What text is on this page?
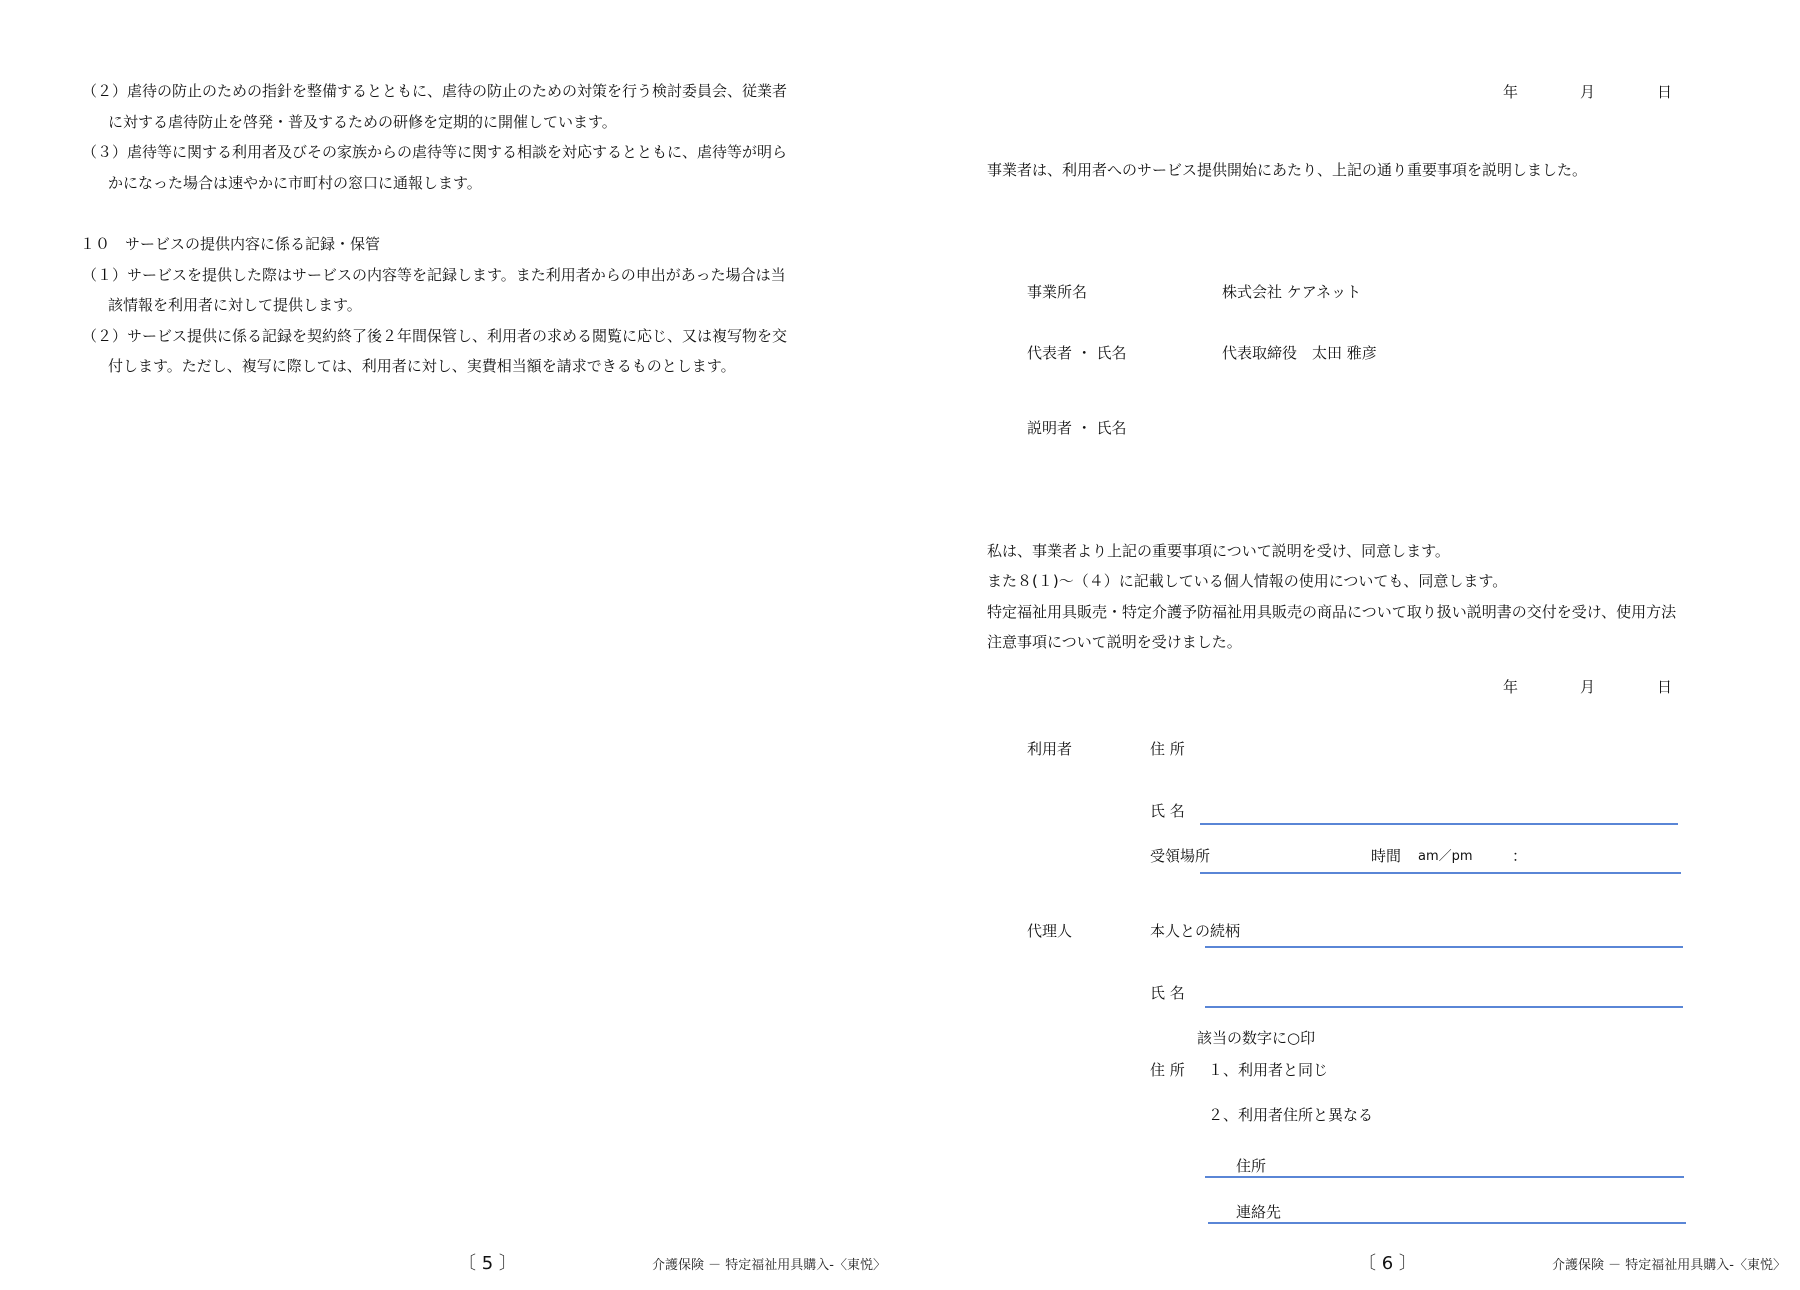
（２）虐待の防止のための指針を整備するとともに、虐待の防止のための対策を行う検討委員会、従業者
に対する虐待防止を啓発・普及するための研修を定期的に開催しています。
（３）虐待等に関する利用者及びその家族からの虐待等に関する相談を対応するとともに、虐待等が明ら
かになった場合は速やかに市町村の窓口に通報します。
１０　サービスの提供内容に係る記録・保管
（１）サービスを提供した際はサービスの内容等を記録します。また利用者からの申出があった場合は当
該情報を利用者に対して提供します。
（２）サービス提供に係る記録を契約終了後２年間保管し、利用者の求める閲覧に応じ、又は複写物を交
付します。ただし、複写に際しては、利用者に対し、実費相当額を請求できるものとします。
〔 5 〕	介護保険 － 特定福祉用具購入-〈東悦〉
年	月	日
事業者は、利用者へのサービス提供開始にあたり、上記の通り重要事項を説明しました。
事業所名	株式会社 ケアネット
代表者 ・ 氏名	代表取締役　太田 雅彦
説明者 ・ 氏名
私は、事業者より上記の重要事項について説明を受け、同意します。
また８(１)～（４）に記載している個人情報の使用についても、同意します。
特定福祉用具販売・特定介護予防福祉用具販売の商品について取り扱い説明書の交付を受け、使用方法
注意事項について説明を受けました。
年	月	日
利用者	住 所
氏 名
受領場所	時間 am／pm	：
代理人	本人との続柄
氏 名
該当の数字に○印
住 所 １、利用者と同じ
２、利用者住所と異なる
住所
連絡先
〔 6 〕	介護保険 － 特定福祉用具購入-〈東悦〉
